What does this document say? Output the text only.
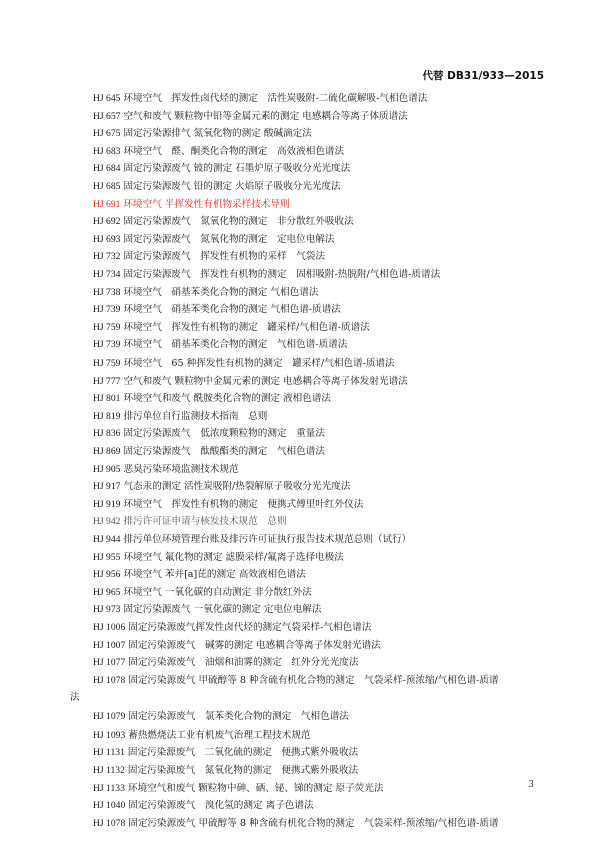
代替 DB31/933—2015
HJ 645 环境空气　挥发性卤代烃的测定　活性炭吸附-二硫化碳解吸-气相色谱法
HJ 657 空气和废气 颗粒物中铅等金属元素的测定 电感耦合等离子体质谱法
HJ 675 固定污染源排气 氮氧化物的测定 酸碱滴定法
HJ 683 环境空气　醛、酮类化合物的测定　高效液相色谱法
HJ 684 固定污染源废气 铍的测定 石墨炉原子吸收分光光度法
HJ 685 固定污染源废气 铅的测定 火焰原子吸收分光光度法
HJ 691 环境空气 半挥发性有机物采样技术导则
HJ 692 固定污染源废气　氮氧化物的测定　非分散红外吸收法
HJ 693 固定污染源废气　氮氧化物的测定　定电位电解法
HJ 732 固定污染源废气　挥发性有机物的采样　气袋法
HJ 734 固定污染源废气　挥发性有机物的测定　固相吸附-热脱附/气相色谱-质谱法
HJ 738 环境空气　硝基苯类化合物的测定 气相色谱法
HJ 739 环境空气　硝基苯类化合物的测定 气相色谱-质谱法
HJ 759 环境空气　挥发性有机物的测定　罐采样/气相色谱-质谱法
HJ 739 环境空气　硝基苯类化合物的测定　气相色谱-质谱法
HJ 759 环境空气　65 种挥发性有机物的测定　罐采样/气相色谱-质谱法
HJ 777 空气和废气 颗粒物中金属元素的测定 电感耦合等离子体发射光谱法
HJ 801 环境空气和废气 酰胺类化合物的测定 液相色谱法
HJ 819 排污单位自行监测技术指南　总则
HJ 836 固定污染源废气　低浓度颗粒物的测定　重量法
HJ 869 固定污染源废气　酞酸酯类的测定　气相色谱法
HJ 905 恶臭污染环境监测技术规范
HJ 917 气态汞的测定 活性炭吸附/热裂解原子吸收分光光度法
HJ 919 环境空气　挥发性有机物的测定　便携式傅里叶红外仪法
HJ 942 排污许可证申请与核发技术规范　总则
HJ 944 排污单位环境管理台账及排污许可证执行报告技术规范总则（试行）
HJ 955 环境空气 氟化物的测定 滤膜采样/氟离子选择电极法
HJ 956 环境空气 苯并[a]芘的测定 高效液相色谱法
HJ 965 环境空气 一氧化碳的自动测定 非分散红外法
HJ 973 固定污染源废气 一氧化碳的测定 定电位电解法
HJ 1006 固定污染源废气挥发性卤代烃的测定气袋采样-气相色谱法
HJ 1007 固定污染源废气　碱雾的测定 电感耦合等离子体发射光谱法
HJ 1077 固定污染源废气　油烟和油雾的测定　红外分光光度法
HJ 1078 固定污染源废气 甲硫醇等 8 种含硫有机化合物的测定　气袋采样-预浓缩/气相色谱-质谱
法
HJ 1079 固定污染源废气　氯苯类化合物的测定　气相色谱法
HJ 1093 蓄热燃烧法工业有机废气治理工程技术规范
HJ 1131 固定污染源废气　二氧化硫的测定　便携式紫外吸收法
HJ 1132 固定污染源废气　氮氧化物的测定　便携式紫外吸收法
HJ 1133 环境空气和废气 颗粒物中砷、硒、铋、锑的测定 原子荧光法
HJ 1040 固定污染源废气　溴化氢的测定 离子色谱法
HJ 1078 固定污染源废气 甲硫醇等 8 种含硫有机化合物的测定　气袋采样-预浓缩/气相色谱-质谱
3
